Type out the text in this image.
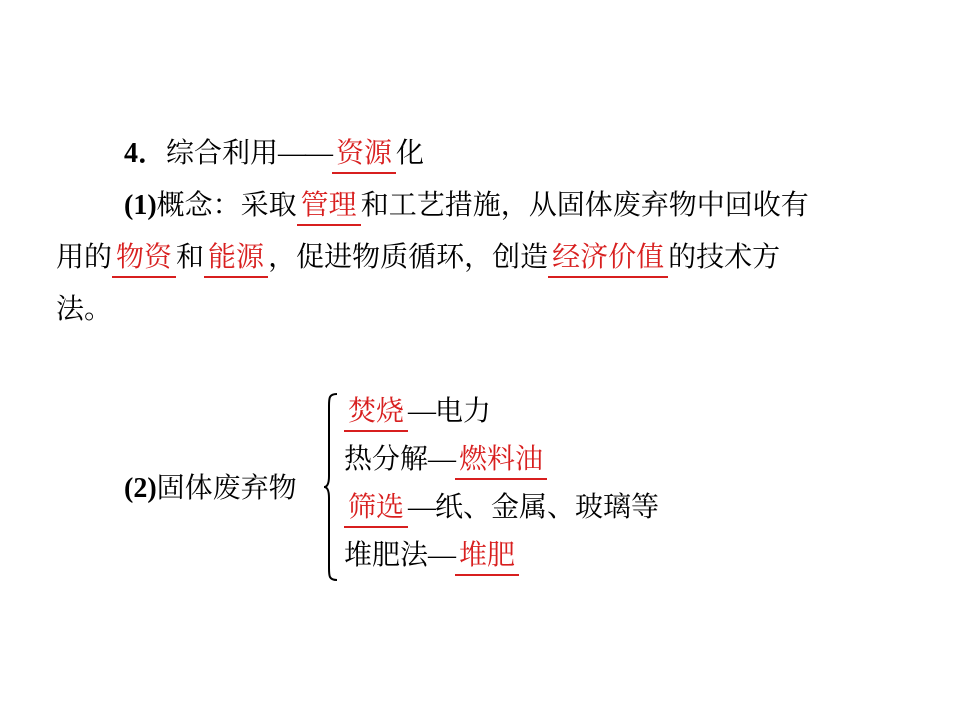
4．综合利用—— 资源 化
(1)概念：采取 管理 和工艺措施，从固体废弃物中回收有
用的 物资 和 能源 ，促进物质循环，创造 经济价值 的技术方
法。
(2)固体废弃物
焚烧 —电力
热分解— 燃料油
筛选 —纸、金属、玻璃等
堆肥法— 堆肥
